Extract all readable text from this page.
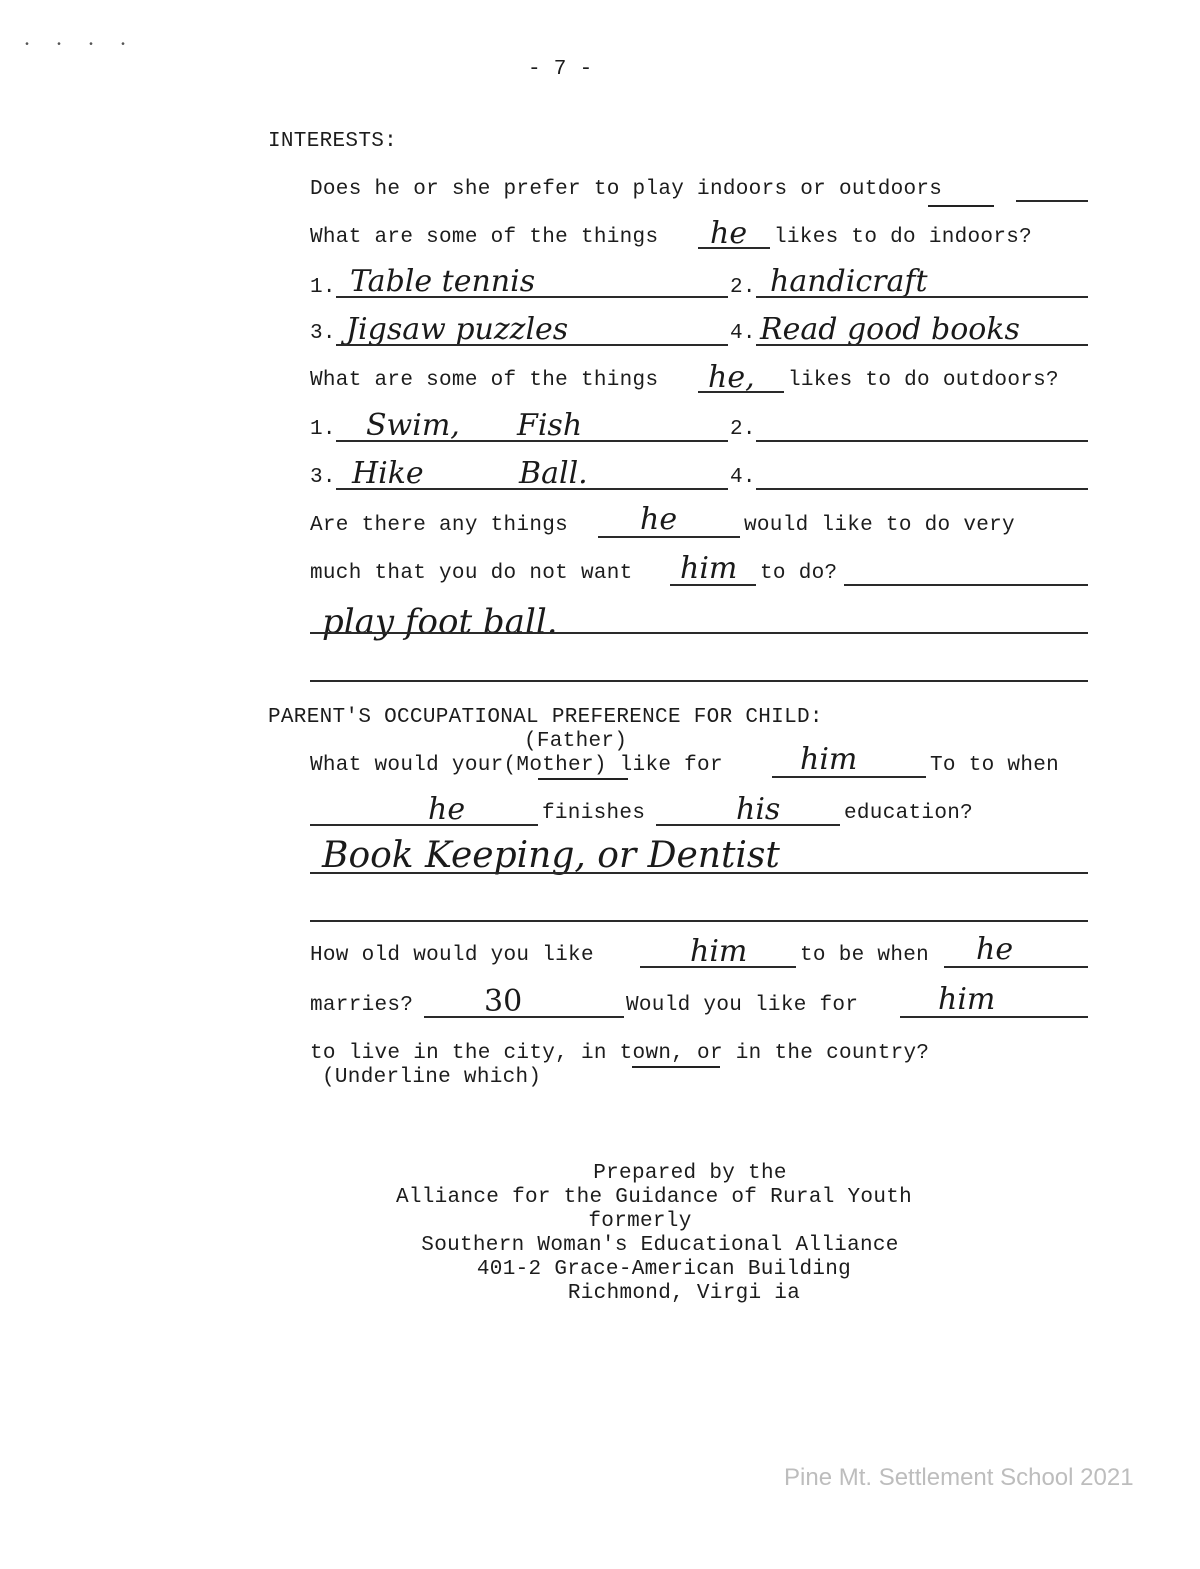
• • • •
- 7 -
INTERESTS:
Does he or she prefer to play indoors or outdoors
What are some of the things he likes to do indoors?
1. Table tennis	2. handicraft
3. Jigsaw puzzles	4. Read good books
What are some of the things he, likes to do outdoors?
1. Swim,      Fish	2.
3. Hike          Ball.	4.
Are there any things he	would like to do very
much that you do not want him to do?
play foot ball.
PARENT'S OCCUPATIONAL PREFERENCE FOR CHILD:
(Father)
What would your(Mother) like for	him	To to when
he	finishes	his	education?
Book Keeping, or Dentist
How old would you like	him	to be when he
marries? 30	Would you like for	him
to live in the city, in town, or in the country?
(Underline which)
Prepared by the
Alliance for the Guidance of Rural Youth
formerly
Southern Woman's Educational Alliance
401-2 Grace-American Building
Richmond, Virgi ia
Pine Mt. Settlement School 2021
